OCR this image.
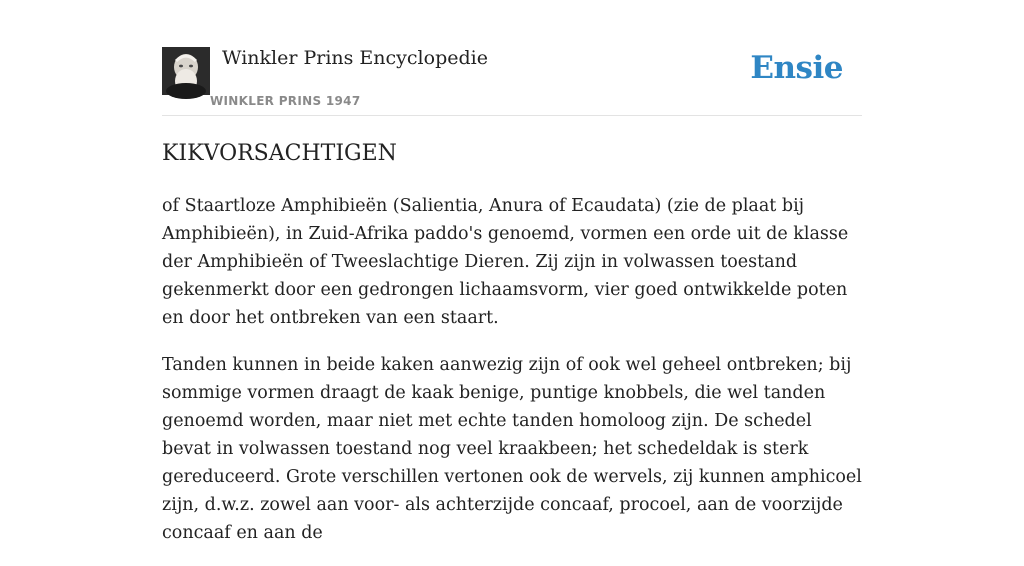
Winkler Prins Encyclopedie
WINKLER PRINS 1947
Ensie
KIKVORSACHTIGEN

of Staartloze Amphibieën (Salientia, Anura of Ecaudata) (zie de plaat bij Amphibieën), in Zuid-Afrika paddo's genoemd, vormen een orde uit de klasse der Amphibieën of Tweeslachtige Dieren. Zij zijn in volwassen toestand gekenmerkt door een gedrongen lichaamsvorm, vier goed ontwikkelde poten en door het ontbreken van een staart.

Tanden kunnen in beide kaken aanwezig zijn of ook wel geheel ontbreken; bij sommige vormen draagt de kaak benige, puntige knobbels, die wel tanden genoemd worden, maar niet met echte tanden homoloog zijn. De schedel bevat in volwassen toestand nog veel kraakbeen; het schedeldak is sterk gereduceerd. Grote verschillen vertonen ook de wervels, zij kunnen amphicoel zijn, d.w.z. zowel aan voor- als achterzijde concaaf, procoel, aan de voorzijde concaaf en aan de
